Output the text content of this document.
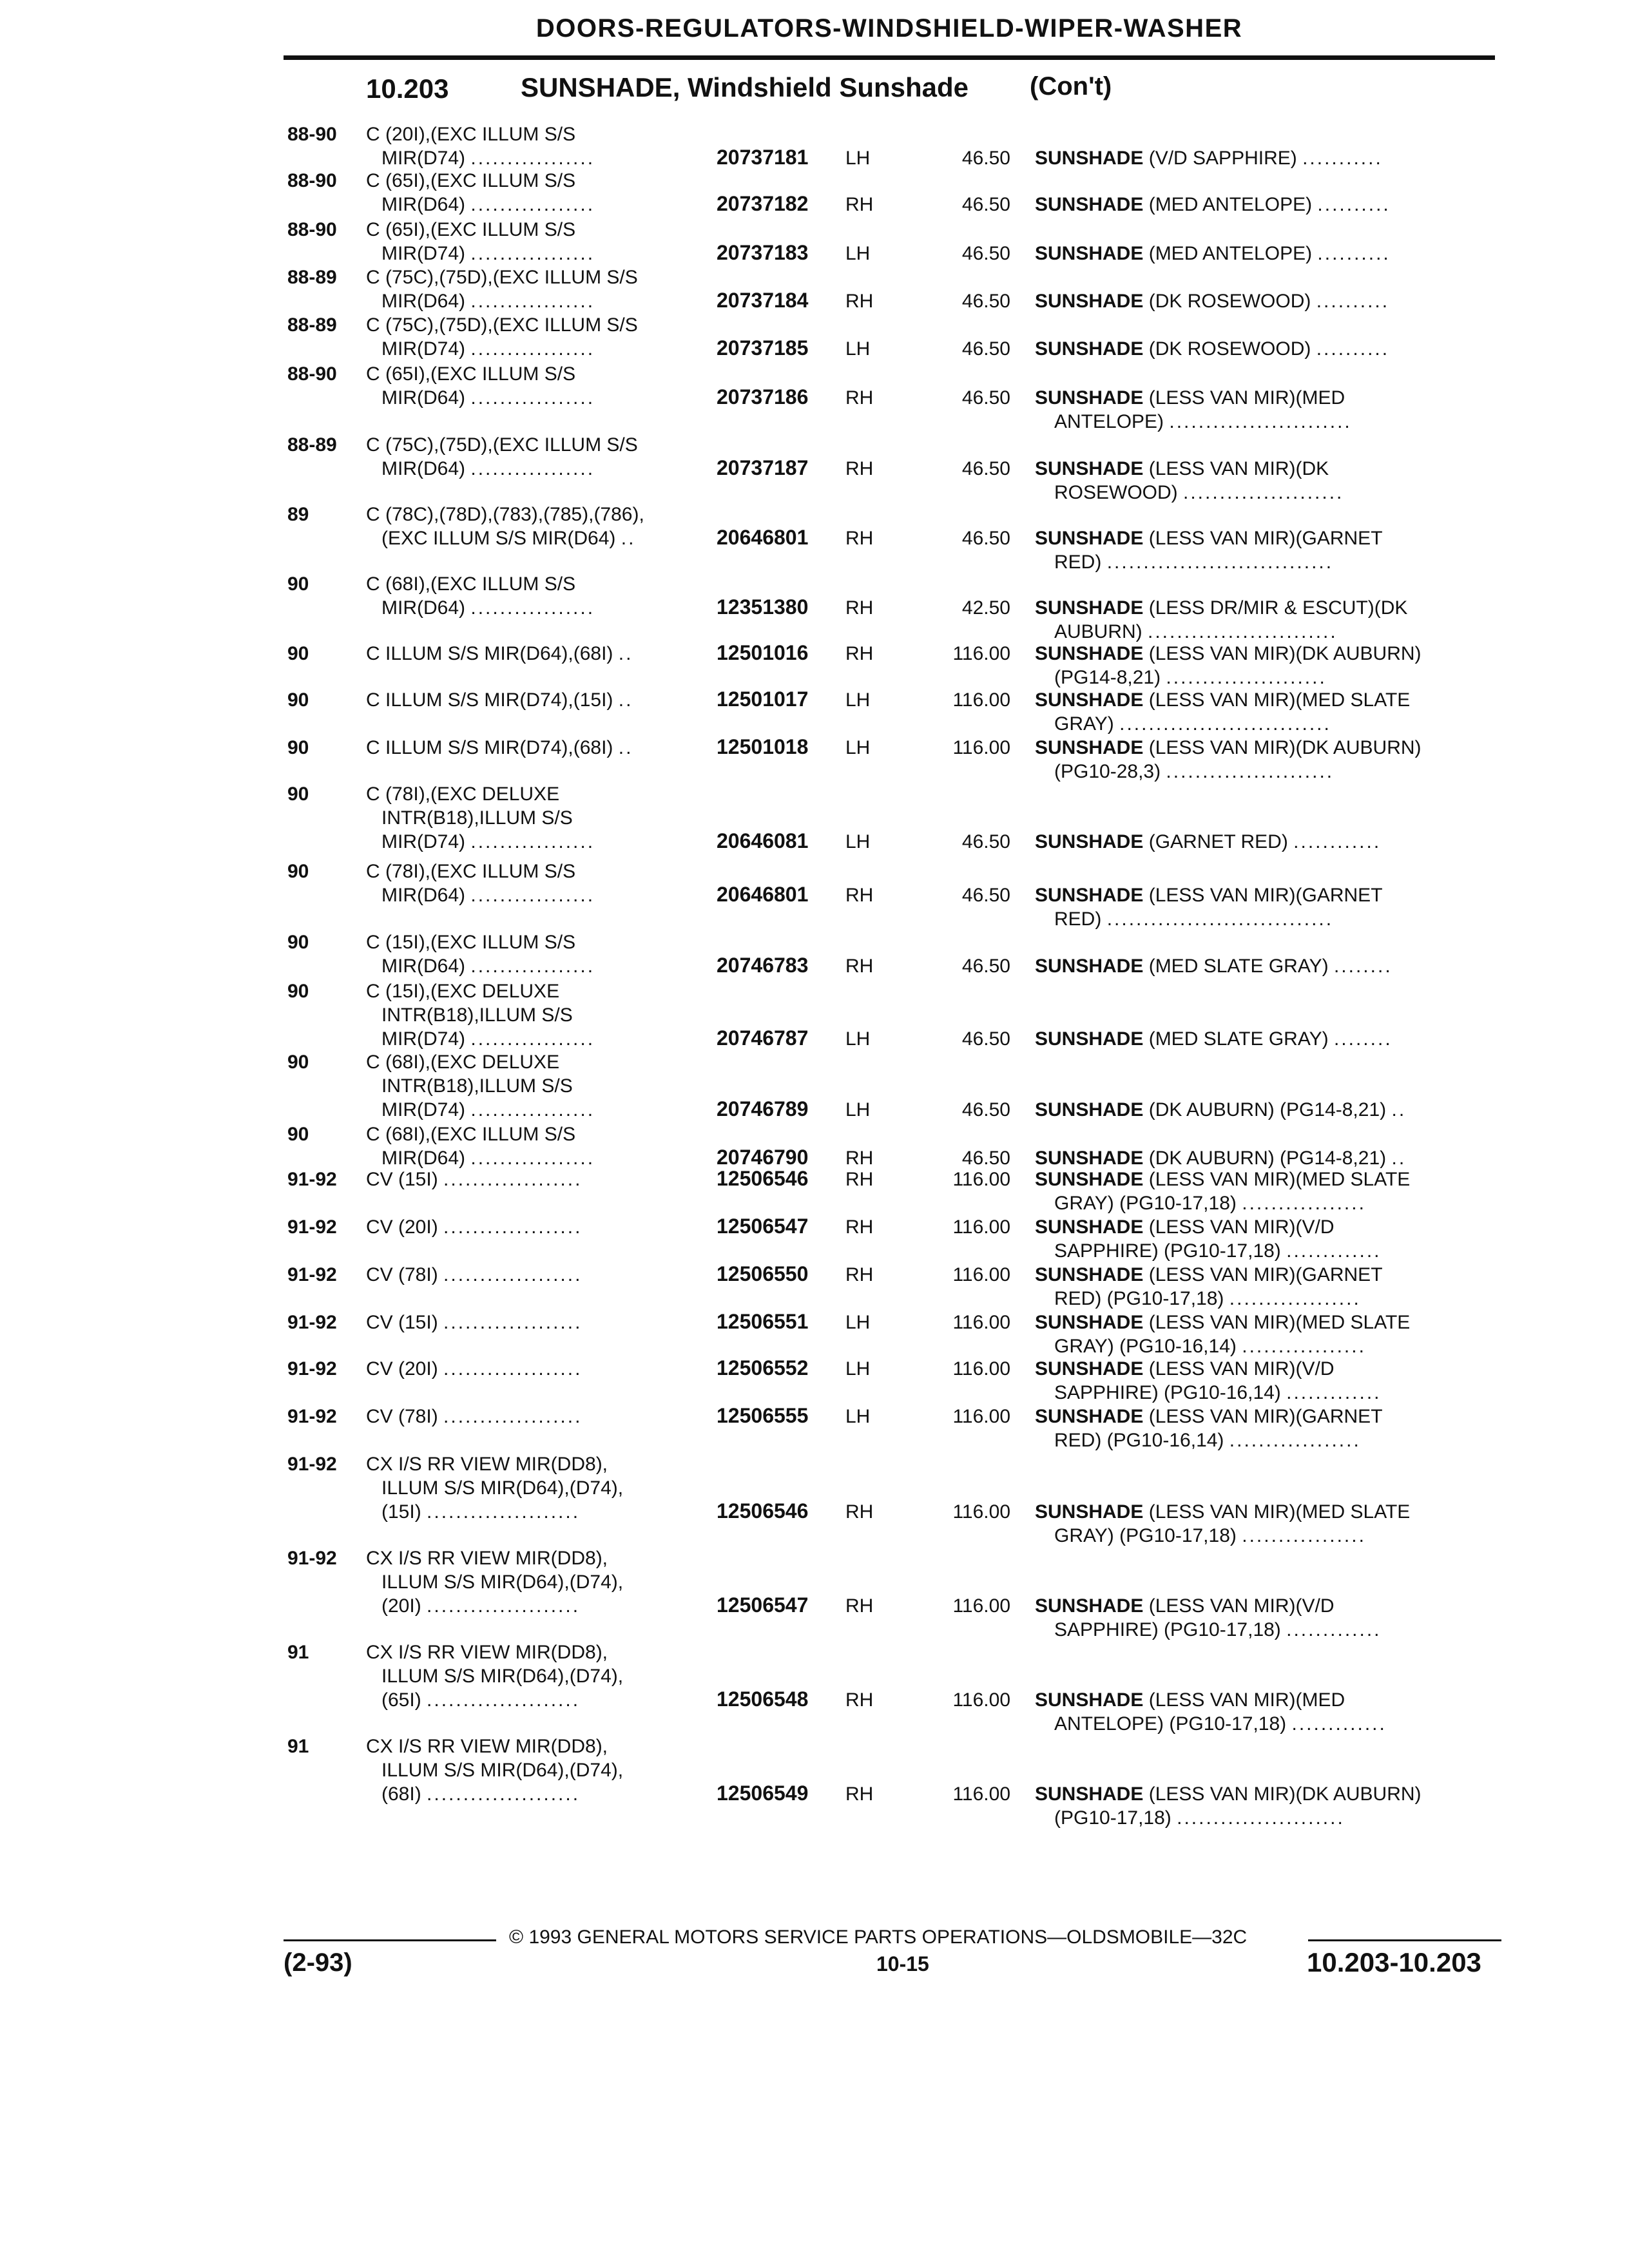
DOORS-REGULATORS-WINDSHIELD-WIPER-WASHER
10.203	SUNSHADE, Windshield Sunshade (Con't)
88-90 C (20I),(EXC ILLUM S/S
MIR(D74) .................	20737181 LH	46.50 SUNSHADE (V/D SAPPHIRE) ...........
88-90 C (65I),(EXC ILLUM S/S
MIR(D64) .................	20737182 RH	46.50 SUNSHADE (MED ANTELOPE) ..........
88-90 C (65I),(EXC ILLUM S/S
MIR(D74) .................	20737183 LH	46.50 SUNSHADE (MED ANTELOPE) ..........
88-89 C (75C),(75D),(EXC ILLUM S/S
MIR(D64) .................	20737184 RH	46.50 SUNSHADE (DK ROSEWOOD) ..........
88-89 C (75C),(75D),(EXC ILLUM S/S
MIR(D74) .................	20737185 LH	46.50 SUNSHADE (DK ROSEWOOD) ..........
88-90 C (65I),(EXC ILLUM S/S
MIR(D64) .................	20737186 RH	46.50 SUNSHADE (LESS VAN MIR)(MED
ANTELOPE) .........................
88-89 C (75C),(75D),(EXC ILLUM S/S
MIR(D64) .................	20737187 RH	46.50 SUNSHADE (LESS VAN MIR)(DK
ROSEWOOD) ......................
89	C (78C),(78D),(783),(785),(786),
(EXC ILLUM S/S MIR(D64) ..	20646801 RH	46.50 SUNSHADE (LESS VAN MIR)(GARNET
RED) ...............................
90	C (68I),(EXC ILLUM S/S
MIR(D64) .................	12351380 RH	42.50 SUNSHADE (LESS DR/MIR & ESCUT)(DK
AUBURN) ..........................
90	C ILLUM S/S MIR(D64),(68I) ..	12501016 RH	116.00 SUNSHADE (LESS VAN MIR)(DK AUBURN)
(PG14-8,21) ......................
90	C ILLUM S/S MIR(D74),(15I) ..	12501017 LH	116.00 SUNSHADE (LESS VAN MIR)(MED SLATE
GRAY) .............................
90	C ILLUM S/S MIR(D74),(68I) ..	12501018 LH	116.00 SUNSHADE (LESS VAN MIR)(DK AUBURN)
(PG10-28,3) .......................
90	C (78I),(EXC DELUXE
INTR(B18),ILLUM S/S
MIR(D74) .................	20646081 LH	46.50 SUNSHADE (GARNET RED) ............
90	C (78I),(EXC ILLUM S/S
MIR(D64) .................	20646801 RH	46.50 SUNSHADE (LESS VAN MIR)(GARNET
RED) ...............................
90	C (15I),(EXC ILLUM S/S
MIR(D64) .................	20746783 RH	46.50 SUNSHADE (MED SLATE GRAY) ........
90	C (15I),(EXC DELUXE
INTR(B18),ILLUM S/S
MIR(D74) .................	20746787 LH	46.50 SUNSHADE (MED SLATE GRAY) ........
90	C (68I),(EXC DELUXE
INTR(B18),ILLUM S/S
MIR(D74) .................	20746789 LH	46.50 SUNSHADE (DK AUBURN) (PG14-8,21) ..
90	C (68I),(EXC ILLUM S/S
MIR(D64) .................	20746790 RH	46.50 SUNSHADE (DK AUBURN) (PG14-8,21) ..
91-92 CV (15I) ...................	12506546 RH	116.00 SUNSHADE (LESS VAN MIR)(MED SLATE
GRAY) (PG10-17,18) .................
91-92 CV (20I) ...................	12506547 RH	116.00 SUNSHADE (LESS VAN MIR)(V/D
SAPPHIRE) (PG10-17,18) .............
91-92 CV (78I) ...................	12506550 RH	116.00 SUNSHADE (LESS VAN MIR)(GARNET
RED) (PG10-17,18) ..................
91-92 CV (15I) ...................	12506551 LH	116.00 SUNSHADE (LESS VAN MIR)(MED SLATE
GRAY) (PG10-16,14) .................
91-92 CV (20I) ...................	12506552 LH	116.00 SUNSHADE (LESS VAN MIR)(V/D
SAPPHIRE) (PG10-16,14) .............
91-92 CV (78I) ...................	12506555 LH	116.00 SUNSHADE (LESS VAN MIR)(GARNET
RED) (PG10-16,14) ..................
91-92 CX I/S RR VIEW MIR(DD8),
ILLUM S/S MIR(D64),(D74),
(15I) .....................	12506546 RH	116.00 SUNSHADE (LESS VAN MIR)(MED SLATE
GRAY) (PG10-17,18) .................
91-92 CX I/S RR VIEW MIR(DD8),
ILLUM S/S MIR(D64),(D74),
(20I) .....................	12506547 RH	116.00 SUNSHADE (LESS VAN MIR)(V/D
SAPPHIRE) (PG10-17,18) .............
91	CX I/S RR VIEW MIR(DD8),
ILLUM S/S MIR(D64),(D74),
(65I) .....................	12506548 RH	116.00 SUNSHADE (LESS VAN MIR)(MED
ANTELOPE) (PG10-17,18) .............
91	CX I/S RR VIEW MIR(DD8),
ILLUM S/S MIR(D64),(D74),
(68I) .....................	12506549 RH	116.00 SUNSHADE (LESS VAN MIR)(DK AUBURN)
(PG10-17,18) .......................
© 1993 GENERAL MOTORS SERVICE PARTS OPERATIONS—OLDSMOBILE—32C
(2-93)	10-15	10.203-10.203
